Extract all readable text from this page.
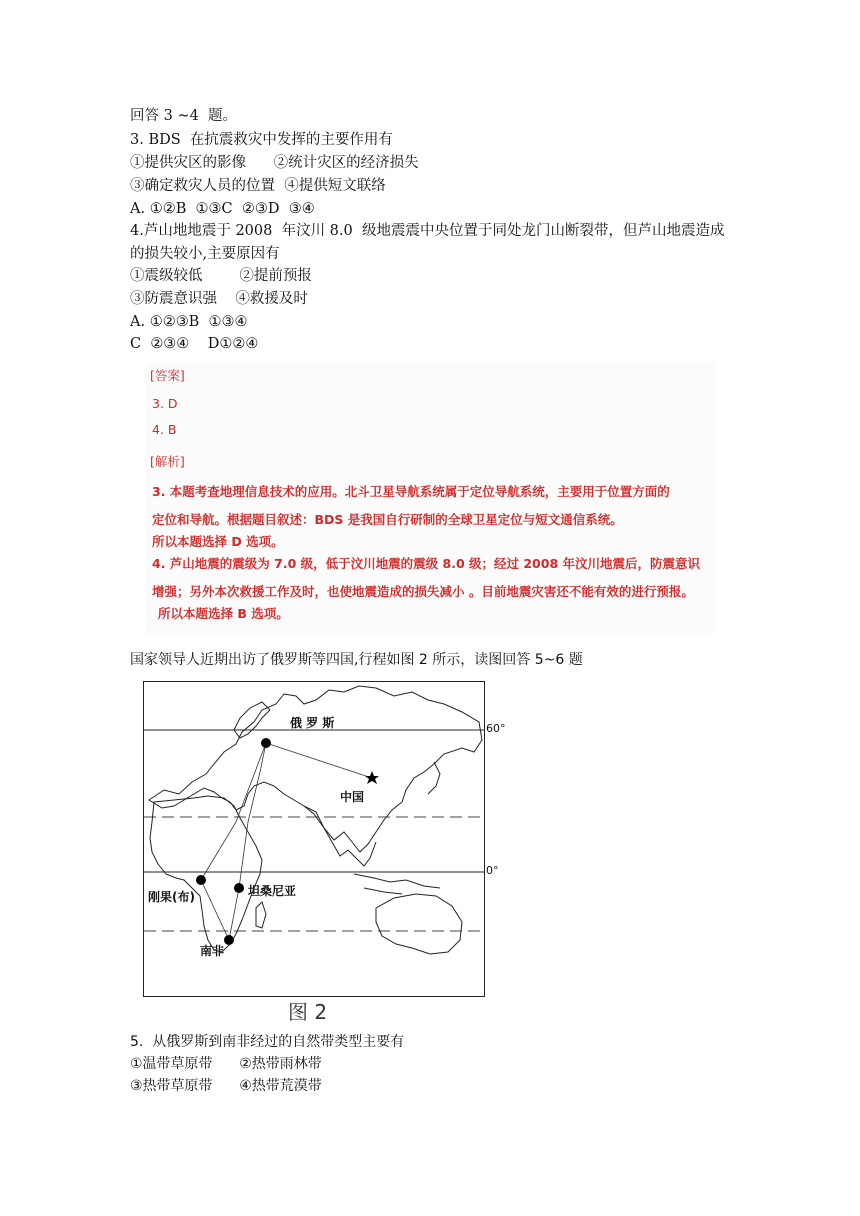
回答 3 ~4  题。
3. BDS  在抗震救灾中发挥的主要作用有
①提供灾区的影像      ②统计灾区的经济损失
③确定救灾人员的位置  ④提供短文联络
A. ①②B  ①③C  ②③D  ③④
4.芦山地地震于 2008  年汶川 8.0  级地震震中央位置于同处龙门山断裂带，但芦山地震造成
的损失较小,主要原因有
①震级较低        ②提前预报
③防震意识强    ④救援及时
A. ①②③B  ①③④
C  ②③④    D①②④
[答案]
3. D
4. B
[解析]
3. 本题考查地理信息技术的应用。北斗卫星导航系统属于定位导航系统，主要用于位置方面的
定位和导航。根据题目叙述：BDS 是我国自行研制的全球卫星定位与短文通信系统。
所以本题选择 D 选项。
4. 芦山地震的震级为 7.0 级，低于汶川地震的震级 8.0 级；经过 2008 年汶川地震后，防震意识
增强；另外本次救援工作及时，也使地震造成的损失减小 。目前地震灾害还不能有效的进行预报。
所以本题选择 B 选项。
国家领导人近期出访了俄罗斯等四国,行程如图 2 所示，读图回答 5~6 题
俄 罗 斯
中国
刚果(布)	坦桑尼亚
南非
60°
0°
图 2
5.  从俄罗斯到南非经过的自然带类型主要有
①温带草原带      ②热带雨林带
③热带草原带      ④热带荒漠带
